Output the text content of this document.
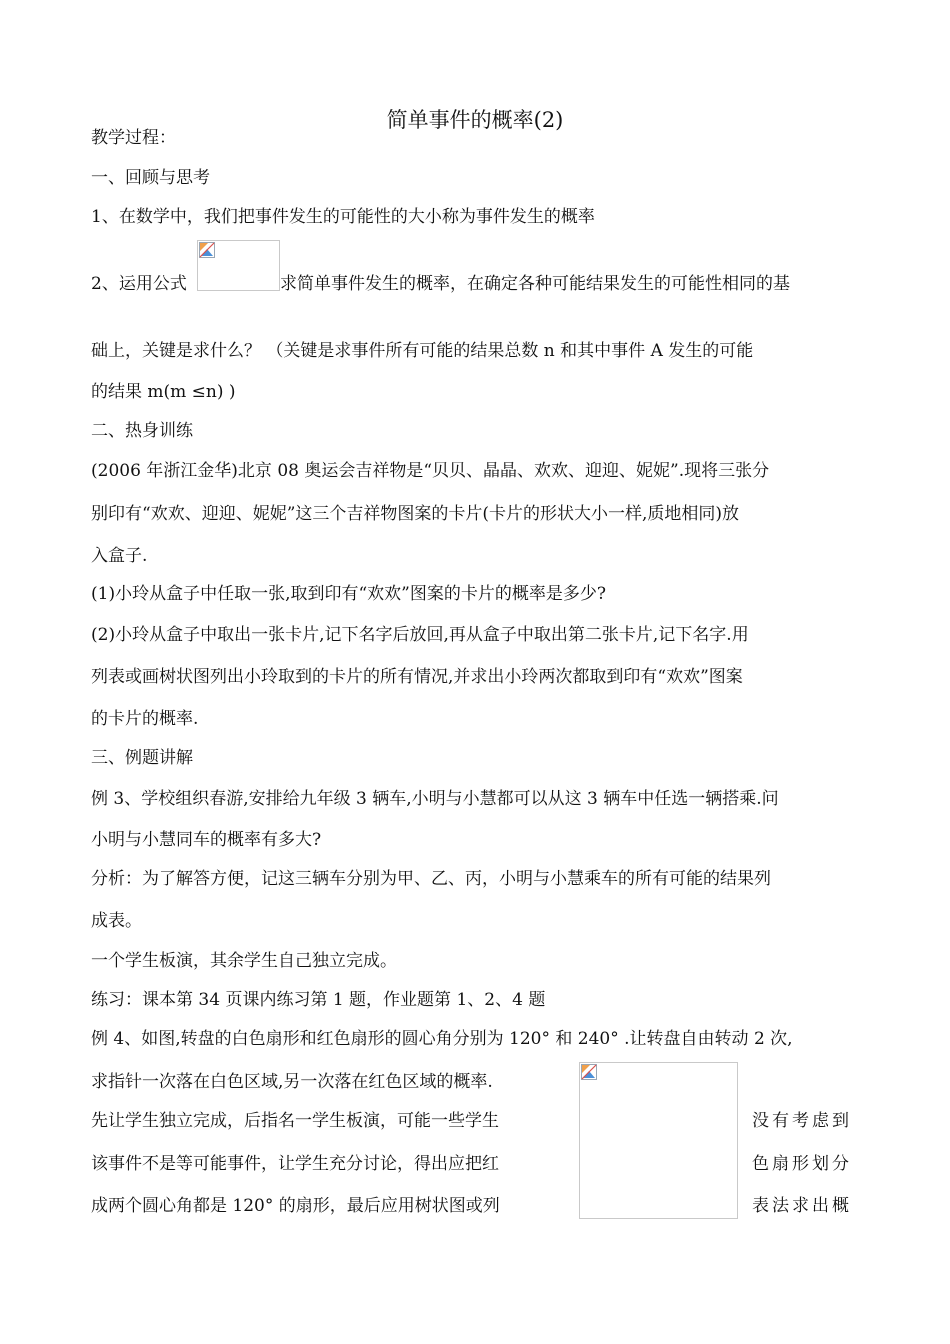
简单事件的概率(2)
教学过程：
一、回顾与思考
1、在数学中，我们把事件发生的可能性的大小称为事件发生的概率
2、运用公式	求简单事件发生的概率，在确定各种可能结果发生的可能性相同的基
础上，关键是求什么？ （关键是求事件所有可能的结果总数 n 和其中事件 A 发生的可能
的结果 m(m ≤n) )
二、热身训练
(2006 年浙江金华)北京 08 奥运会吉祥物是“贝贝、晶晶、欢欢、迎迎、妮妮”.现将三张分
别印有“欢欢、迎迎、妮妮”这三个吉祥物图案的卡片(卡片的形状大小一样,质地相同)放
入盒子.
(1)小玲从盒子中任取一张,取到印有“欢欢”图案的卡片的概率是多少?
(2)小玲从盒子中取出一张卡片,记下名字后放回,再从盒子中取出第二张卡片,记下名字.用
列表或画树状图列出小玲取到的卡片的所有情况,并求出小玲两次都取到印有“欢欢”图案
的卡片的概率.
三、例题讲解
例 3、学校组织春游,安排给九年级 3 辆车,小明与小慧都可以从这 3 辆车中任选一辆搭乘.问
小明与小慧同车的概率有多大?
分析：为了解答方便，记这三辆车分别为甲、乙、丙，小明与小慧乘车的所有可能的结果列
成表。
一个学生板演，其余学生自己独立完成。
练习：课本第 34 页课内练习第 1 题，作业题第 1、2、4 题
例 4、如图,转盘的白色扇形和红色扇形的圆心角分别为 120° 和 240° .让转盘自由转动 2 次,
求指针一次落在白色区域,另一次落在红色区域的概率.
先让学生独立完成，后指名一学生板演，可能一些学生	没有考虑到
该事件不是等可能事件，让学生充分讨论，得出应把红	色扇形划分
成两个圆心角都是 120° 的扇形，最后应用树状图或列	表法求出概
